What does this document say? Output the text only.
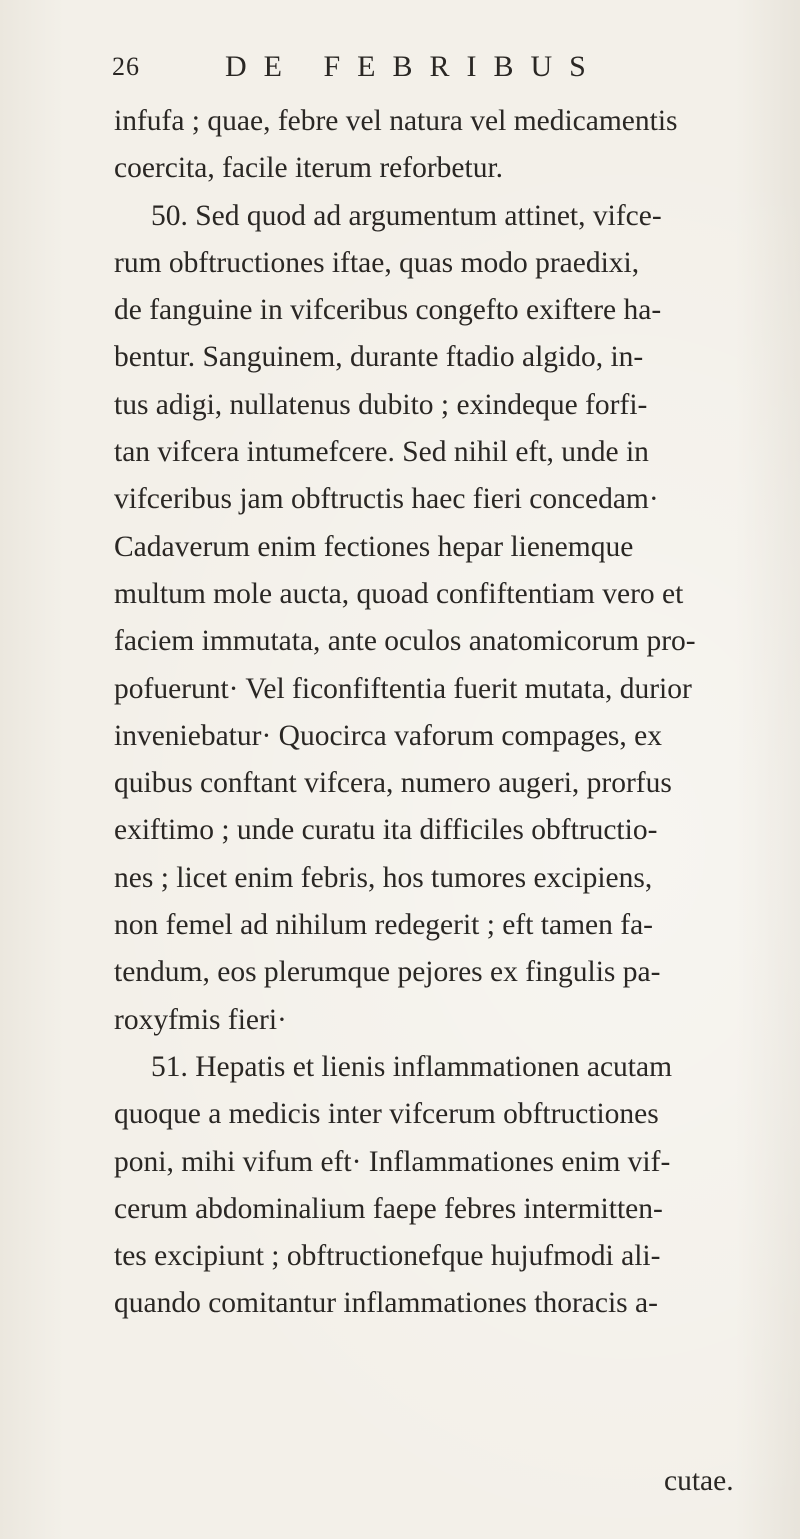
26	DE FEBRIBUS
infufa ; quae, febre vel natura vel medicamentis
coercita, facile iterum reforbetur.
50. Sed quod ad argumentum attinet, vifce-
rum obftructiones iftae, quas modo praedixi,
de fanguine in vifceribus congefto exiftere ha-
bentur. Sanguinem, durante ftadio algido, in-
tus adigi, nullatenus dubito ; exindeque forfi-
tan vifcera intumefcere. Sed nihil eft, unde in
vifceribus jam obftructis haec fieri concedam·
Cadaverum enim fectiones hepar lienemque
multum mole aucta, quoad confiftentiam vero et
faciem immutata, ante oculos anatomicorum pro-
pofuerunt· Vel ficonfiftentia fuerit mutata, durior
inveniebatur· Quocirca vaforum compages, ex
quibus conftant vifcera, numero augeri, prorfus
exiftimo ; unde curatu ita difficiles obftructio-
nes ; licet enim febris, hos tumores excipiens,
non femel ad nihilum redegerit ; eft tamen fa-
tendum, eos plerumque pejores ex fingulis pa-
roxyfmis fieri·
51. Hepatis et lienis inflammationen acutam
quoque a medicis inter vifcerum obftructiones
poni, mihi vifum eft· Inflammationes enim vif-
cerum abdominalium faepe febres intermitten-
tes excipiunt ; obftructionefque hujufmodi ali-
quando comitantur inflammationes thoracis a-
cutae.
